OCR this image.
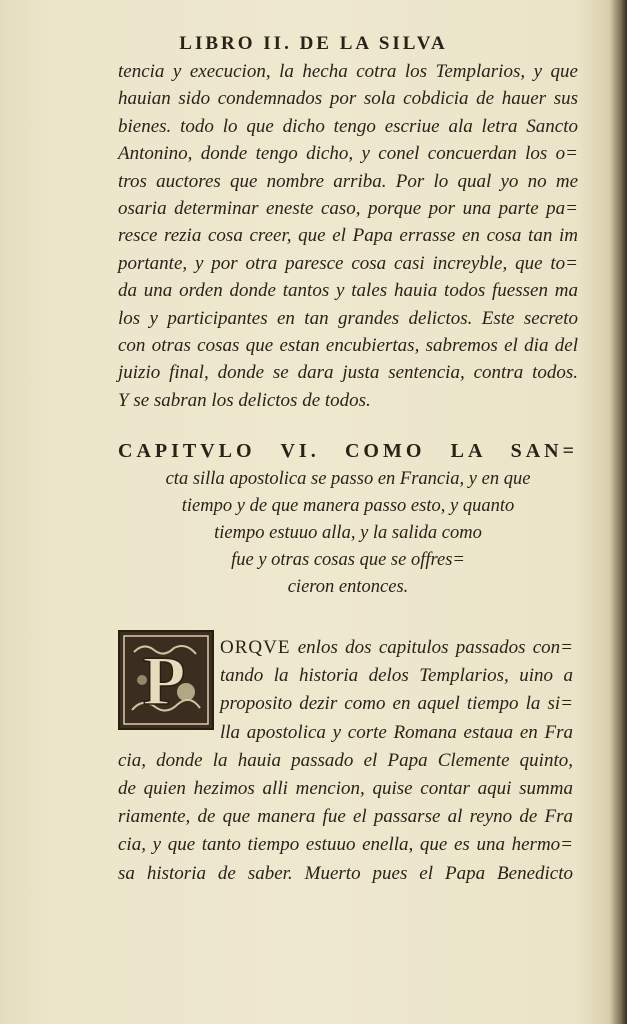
LIBRO II. DE LA SILVA
tencia y execucion, la hecha cotra los Templarios, y que
hauian sido condemnados por sola cobdicia de hauer sus
bienes. todo lo que dicho tengo escriue ala letra Sancto
Antonino, donde tengo dicho, y conel concuerdan los o=
tros auctores que nombre arriba. Por lo qual yo no me
osaria determinar eneste caso, porque por una parte pa=
resce rezia cosa creer, que el Papa errasse en cosa tan im
portante, y por otra paresce cosa casi increyble, que to=
da una orden donde tantos y tales hauia todos fuessen ma
los y participantes en tan grandes delictos. Este secreto
con otras cosas que estan encubiertas, sabremos el dia del
juizio final, donde se dara justa sentencia, contra todos.
Y se sabran los delictos de todos.
CAPITVLO VI. COMO LA SAN=
cta silla apostolica se passo en Francia, y en que
tiempo y de que manera passo esto, y quanto
tiempo estuuo alla, y la salida como
fue y otras cosas que se offres=
cieron entonces.
P	ORQVE enlos dos capitulos passados con=
tando la historia delos Templarios, uino a
proposito dezir como en aquel tiempo la si=
lla apostolica y corte Romana estaua en Fra
cia, donde la hauia passado el Papa Clemente quinto,
de quien hezimos alli mencion, quise contar aqui summa
riamente, de que manera fue el passarse al reyno de Fra
cia, y que tanto tiempo estuuo enella, que es una hermo=
sa historia de saber. Muerto pues el Papa Benedicto
